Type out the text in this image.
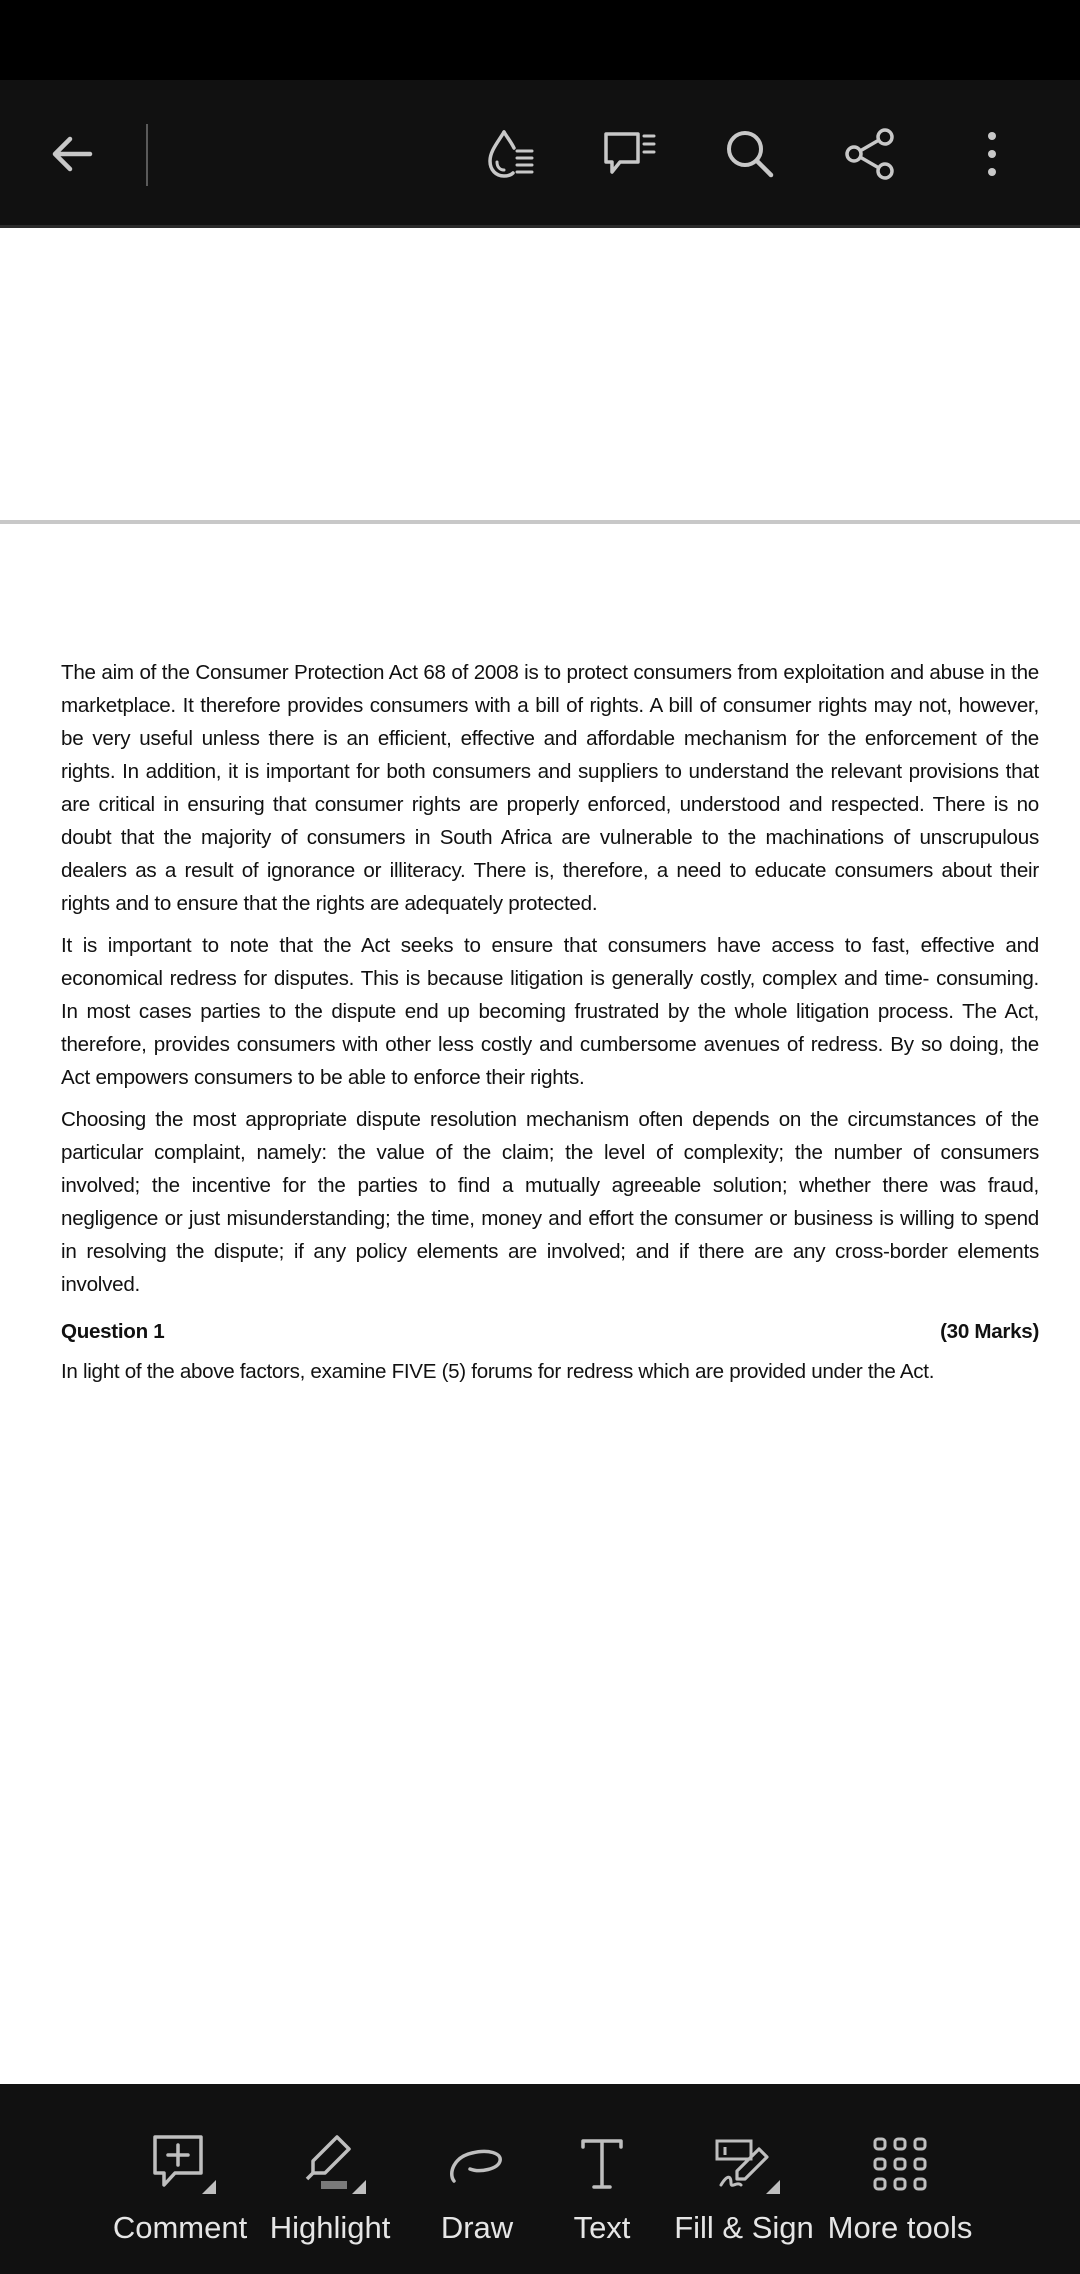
The aim of the Consumer Protection Act 68 of 2008 is to protect consumers from exploitation and abuse in the marketplace. It therefore provides consumers with a bill of rights. A bill of consumer rights may not, however, be very useful unless there is an efficient, effective and affordable mechanism for the enforcement of the rights. In addition, it is important for both consumers and suppliers to understand the relevant provisions that are critical in ensuring that consumer rights are properly enforced, understood and respected. There is no doubt that the majority of consumers in South Africa are vulnerable to the machinations of unscrupulous dealers as a result of ignorance or illiteracy. There is, therefore, a need to educate consumers about their rights and to ensure that the rights are adequately protected.

It is important to note that the Act seeks to ensure that consumers have access to fast, effective and economical redress for disputes. This is because litigation is generally costly, complex and time- consuming. In most cases parties to the dispute end up becoming frustrated by the whole litigation process. The Act, therefore, provides consumers with other less costly and cumbersome avenues of redress. By so doing, the Act empowers consumers to be able to enforce their rights.

Choosing the most appropriate dispute resolution mechanism often depends on the circumstances of the particular complaint, namely: the value of the claim; the level of complexity; the number of consumers involved; the incentive for the parties to find a mutually agreeable solution; whether there was fraud, negligence or just misunderstanding; the time, money and effort the consumer or business is willing to spend in resolving the dispute; if any policy elements are involved; and if there are any cross-border elements involved.

Question 1	(30 Marks)
In light of the above factors, examine FIVE (5) forums for redress which are provided under the Act.
Comment Highlight Draw Text Fill & Sign More tools
